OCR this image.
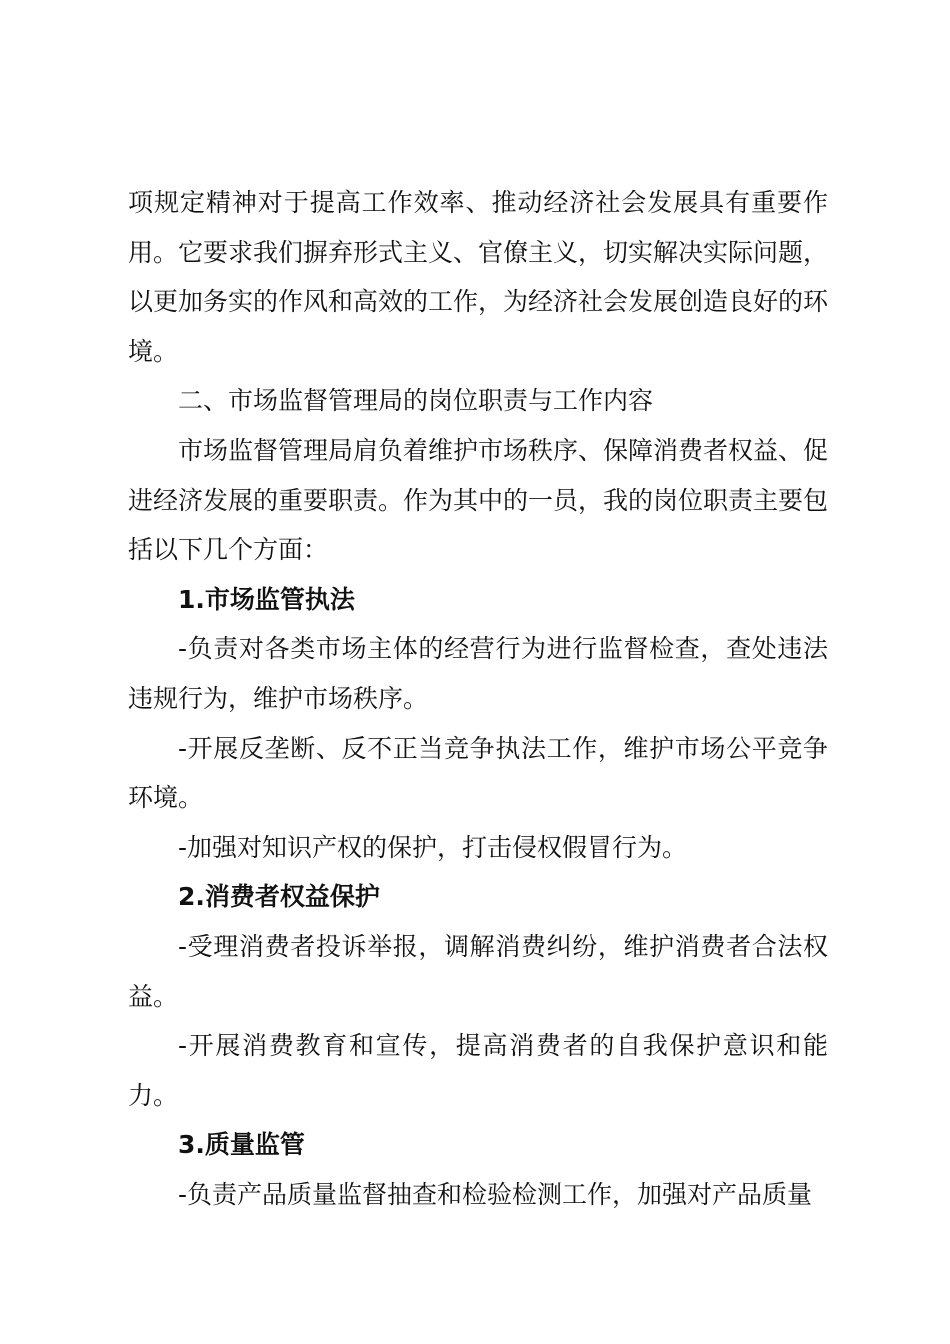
项规定精神对于提高工作效率、推动经济社会发展具有重要作用。它要求我们摒弃形式主义、官僚主义，切实解决实际问题，以更加务实的作风和高效的工作，为经济社会发展创造良好的环境。

二、市场监督管理局的岗位职责与工作内容

市场监督管理局肩负着维护市场秩序、保障消费者权益、促进经济发展的重要职责。作为其中的一员，我的岗位职责主要包括以下几个方面：

1.市场监管执法

-负责对各类市场主体的经营行为进行监督检查，查处违法违规行为，维护市场秩序。

-开展反垄断、反不正当竞争执法工作，维护市场公平竞争环境。

-加强对知识产权的保护，打击侵权假冒行为。

2.消费者权益保护

-受理消费者投诉举报，调解消费纠纷，维护消费者合法权益。

-开展消费教育和宣传，提高消费者的自我保护意识和能力。

3.质量监管

-负责产品质量监督抽查和检验检测工作，加强对产品质量
